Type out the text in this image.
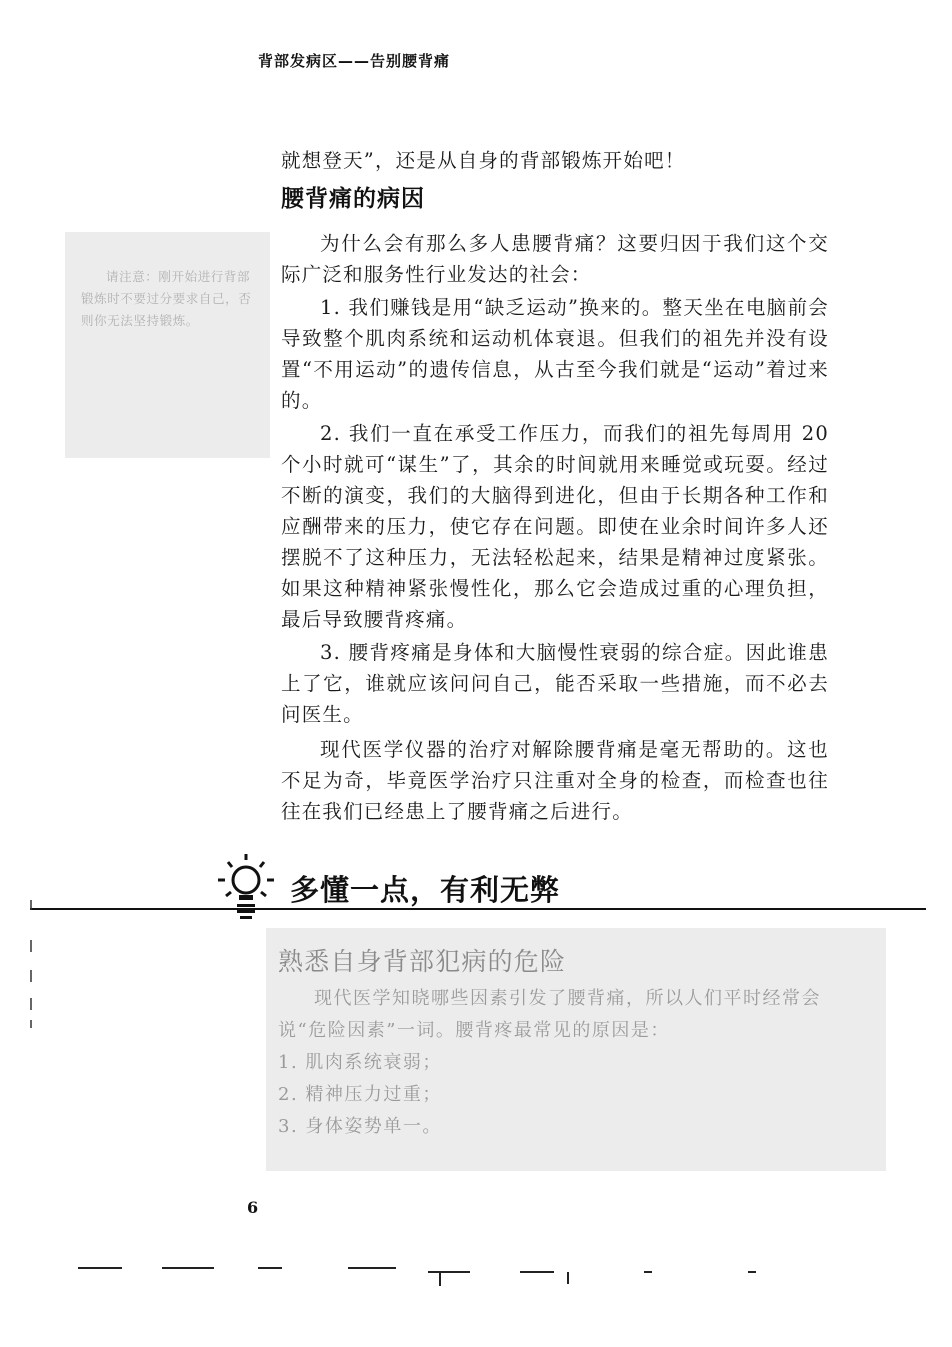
背部发病区——告别腰背痛
就想登天”，还是从自身的背部锻炼开始吧！
腰背痛的病因
请注意：刚开始进行背部锻炼时不要过分要求自己，否则你无法坚持锻炼。

为什么会有那么多人患腰背痛？这要归因于我们这个交际广泛和服务性行业发达的社会：

1. 我们赚钱是用“缺乏运动”换来的。整天坐在电脑前会导致整个肌肉系统和运动机体衰退。但我们的祖先并没有设置“不用运动”的遗传信息，从古至今我们就是“运动”着过来的。

2. 我们一直在承受工作压力，而我们的祖先每周用 20 个小时就可“谋生”了，其余的时间就用来睡觉或玩耍。经过不断的演变，我们的大脑得到进化，但由于长期各种工作和应酬带来的压力，使它存在问题。即使在业余时间许多人还摆脱不了这种压力，无法轻松起来，结果是精神过度紧张。如果这种精神紧张慢性化，那么它会造成过重的心理负担，最后导致腰背疼痛。

3. 腰背疼痛是身体和大脑慢性衰弱的综合症。因此谁患上了它，谁就应该问问自己，能否采取一些措施，而不必去问医生。

现代医学仪器的治疗对解除腰背痛是毫无帮助的。这也不足为奇，毕竟医学治疗只注重对全身的检查，而检查也往往在我们已经患上了腰背痛之后进行。

多懂一点，有利无弊
熟悉自身背部犯病的危险

现代医学知晓哪些因素引发了腰背痛，所以人们平时经常会说“危险因素”一词。腰背疼最常见的原因是：

1. 肌肉系统衰弱；

2. 精神压力过重；

3. 身体姿势单一。

6
